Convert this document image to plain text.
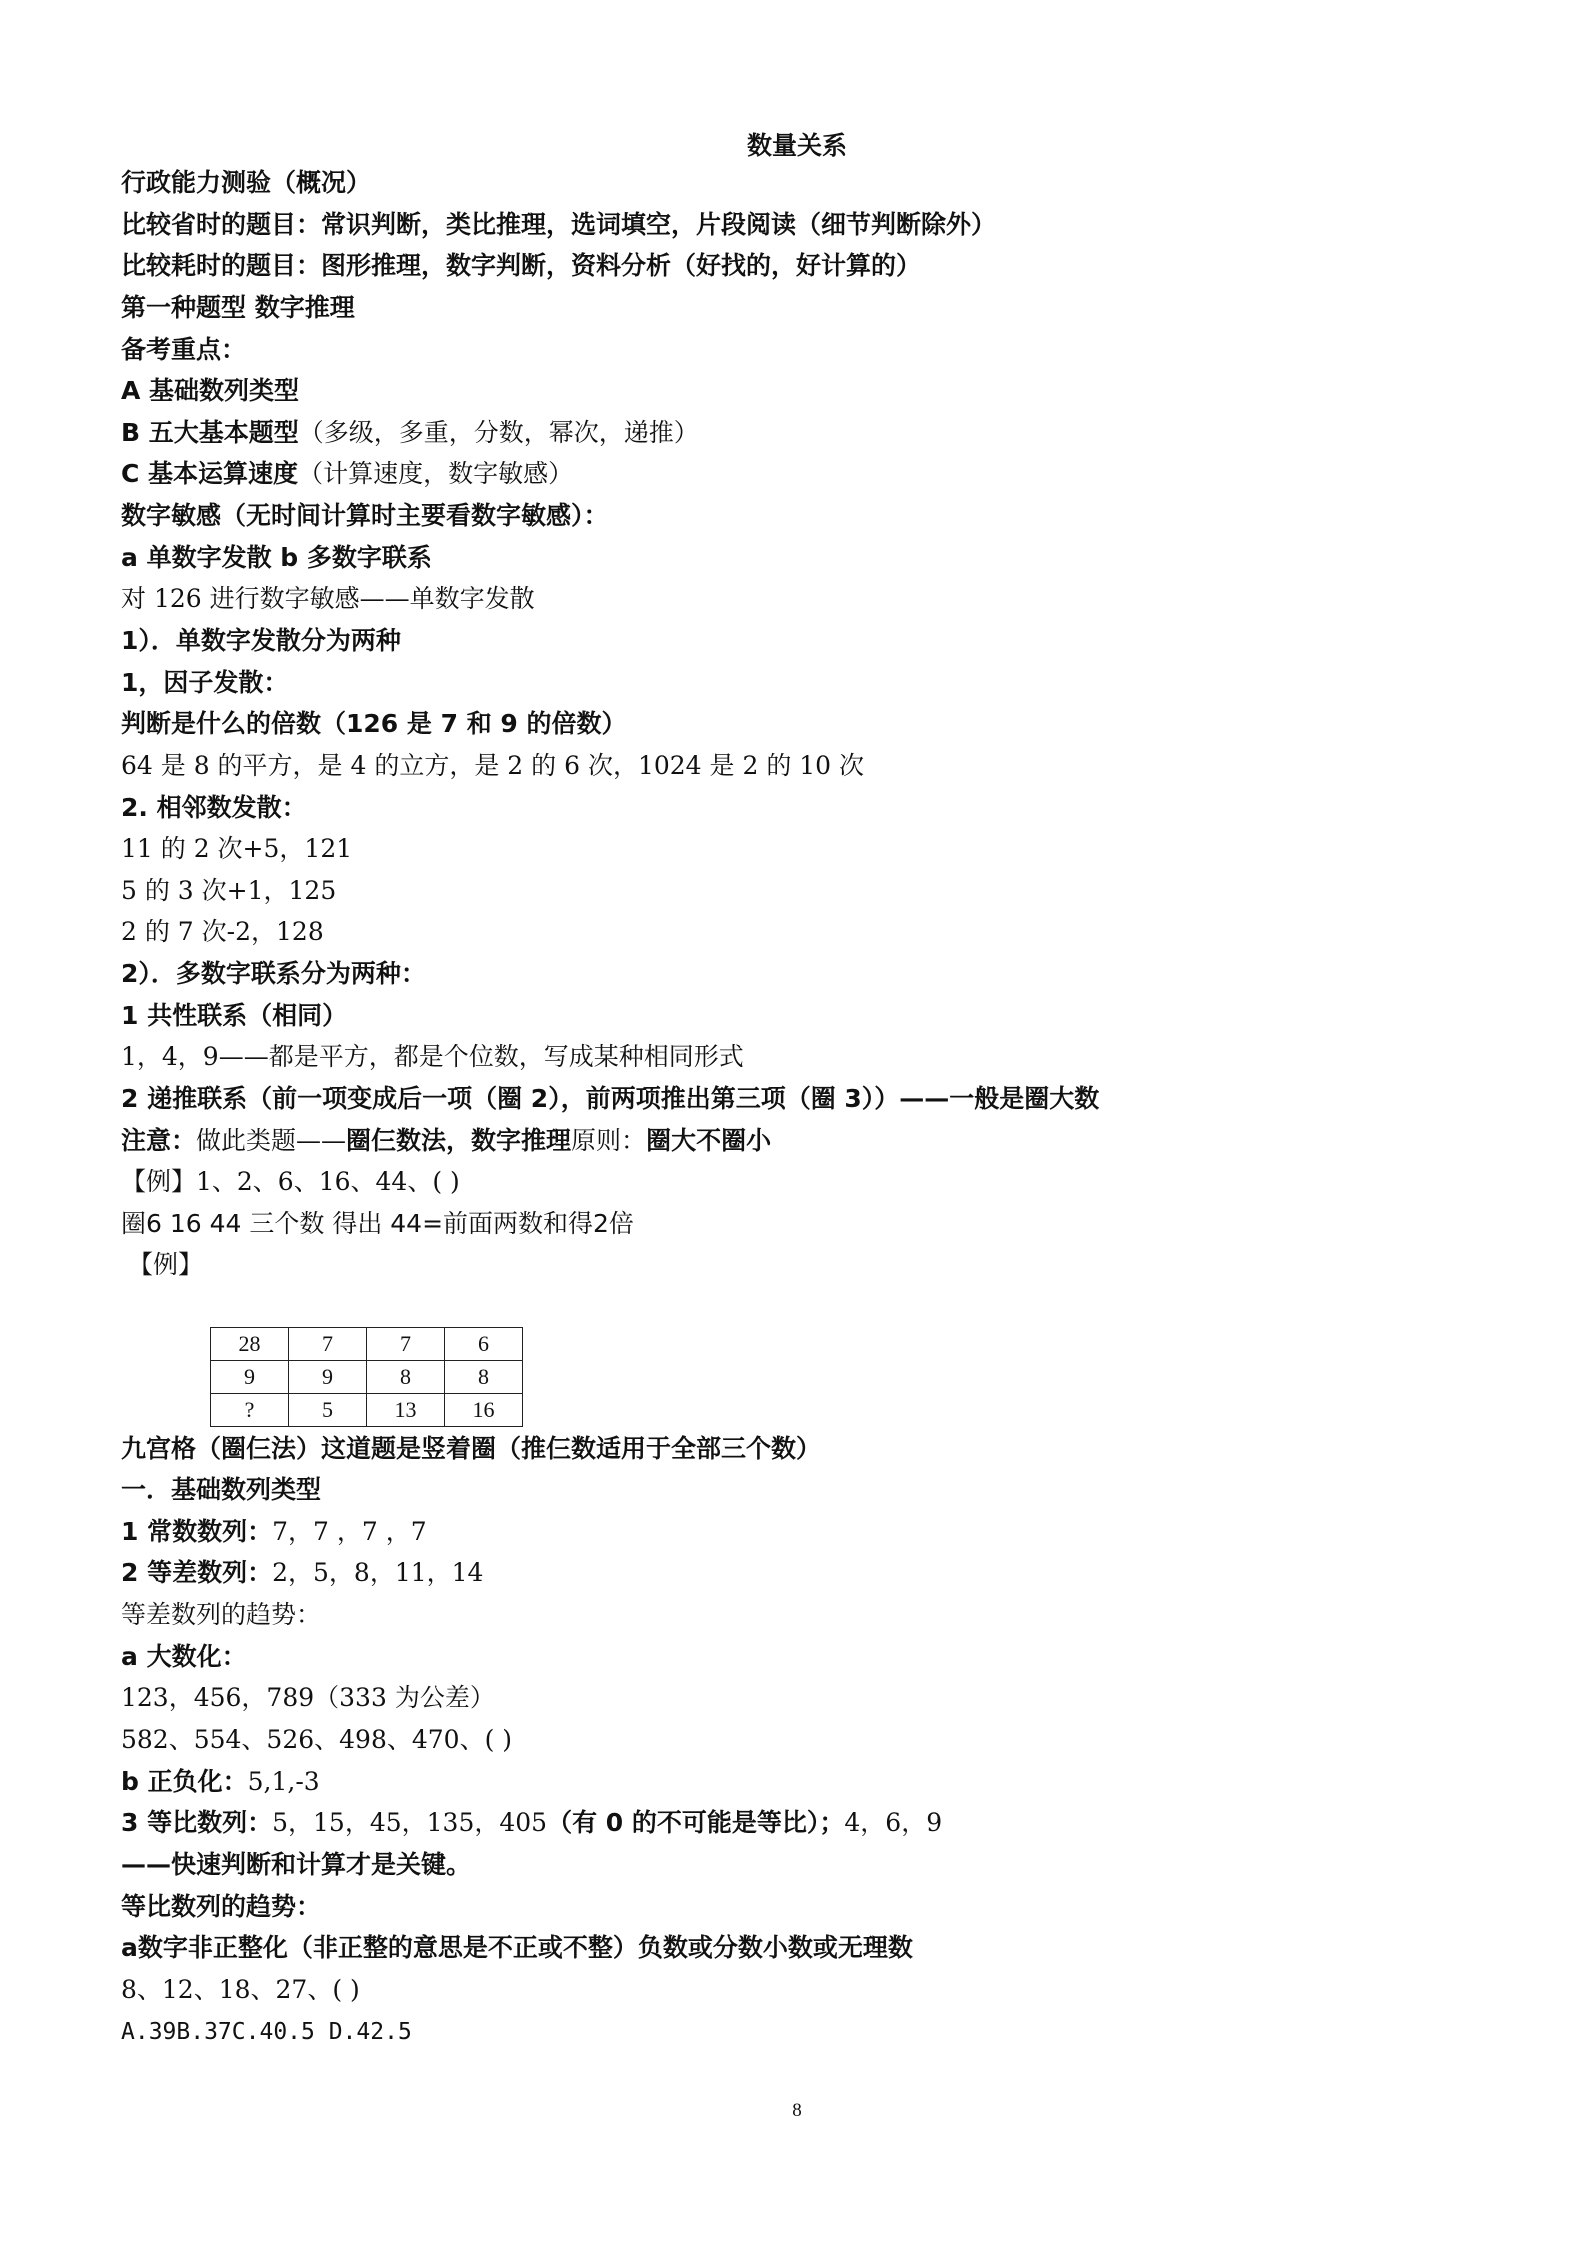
数量关系
行政能力测验（概况）
比较省时的题目：常识判断，类比推理，选词填空，片段阅读（细节判断除外）
比较耗时的题目：图形推理，数字判断，资料分析（好找的，好计算的）
第一种题型 数字推理
备考重点：
A 基础数列类型
B 五大基本题型（多级，多重，分数，幂次，递推）
C 基本运算速度（计算速度，数字敏感）
数字敏感（无时间计算时主要看数字敏感）：
a 单数字发散 b 多数字联系
对 126 进行数字敏感——单数字发散
1）．单数字发散分为两种
1，因子发散：
判断是什么的倍数（126 是 7 和 9 的倍数）
64 是 8 的平方，是 4 的立方，是 2 的 6 次，1024 是 2 的 10 次
2. 相邻数发散：
11 的 2 次+5，121
5 的 3 次+1，125
2 的 7 次-2，128
2）．多数字联系分为两种：
1 共性联系（相同）
1，4，9——都是平方，都是个位数，写成某种相同形式
2 递推联系（前一项变成后一项（圈 2），前两项推出第三项（圈 3））——一般是圈大数
注意：做此类题——圈仨数法，数字推理原则：圈大不圈小
【例】1、2、6、16、44、( )
圈6 16 44 三个数 得出 44=前面两数和得2倍
【例】
28	7	7	6
9	9	8	8
?	5	13	16
九宫格（圈仨法）这道题是竖着圈（推仨数适用于全部三个数）
一．基础数列类型
1 常数数列：7，7 ，7 ，7
2 等差数列：2，5，8，11，14
等差数列的趋势：
a 大数化：
123，456，789（333 为公差）
582、554、526、498、470、( )
b 正负化：5,1,-3
3 等比数列：5，15，45，135，405（有 0 的不可能是等比）；4，6，9
——快速判断和计算才是关键。
等比数列的趋势：
a数字非正整化（非正整的意思是不正或不整）负数或分数小数或无理数
8、12、18、27、( )
A.39B.37C.40.5 D.42.5
8
